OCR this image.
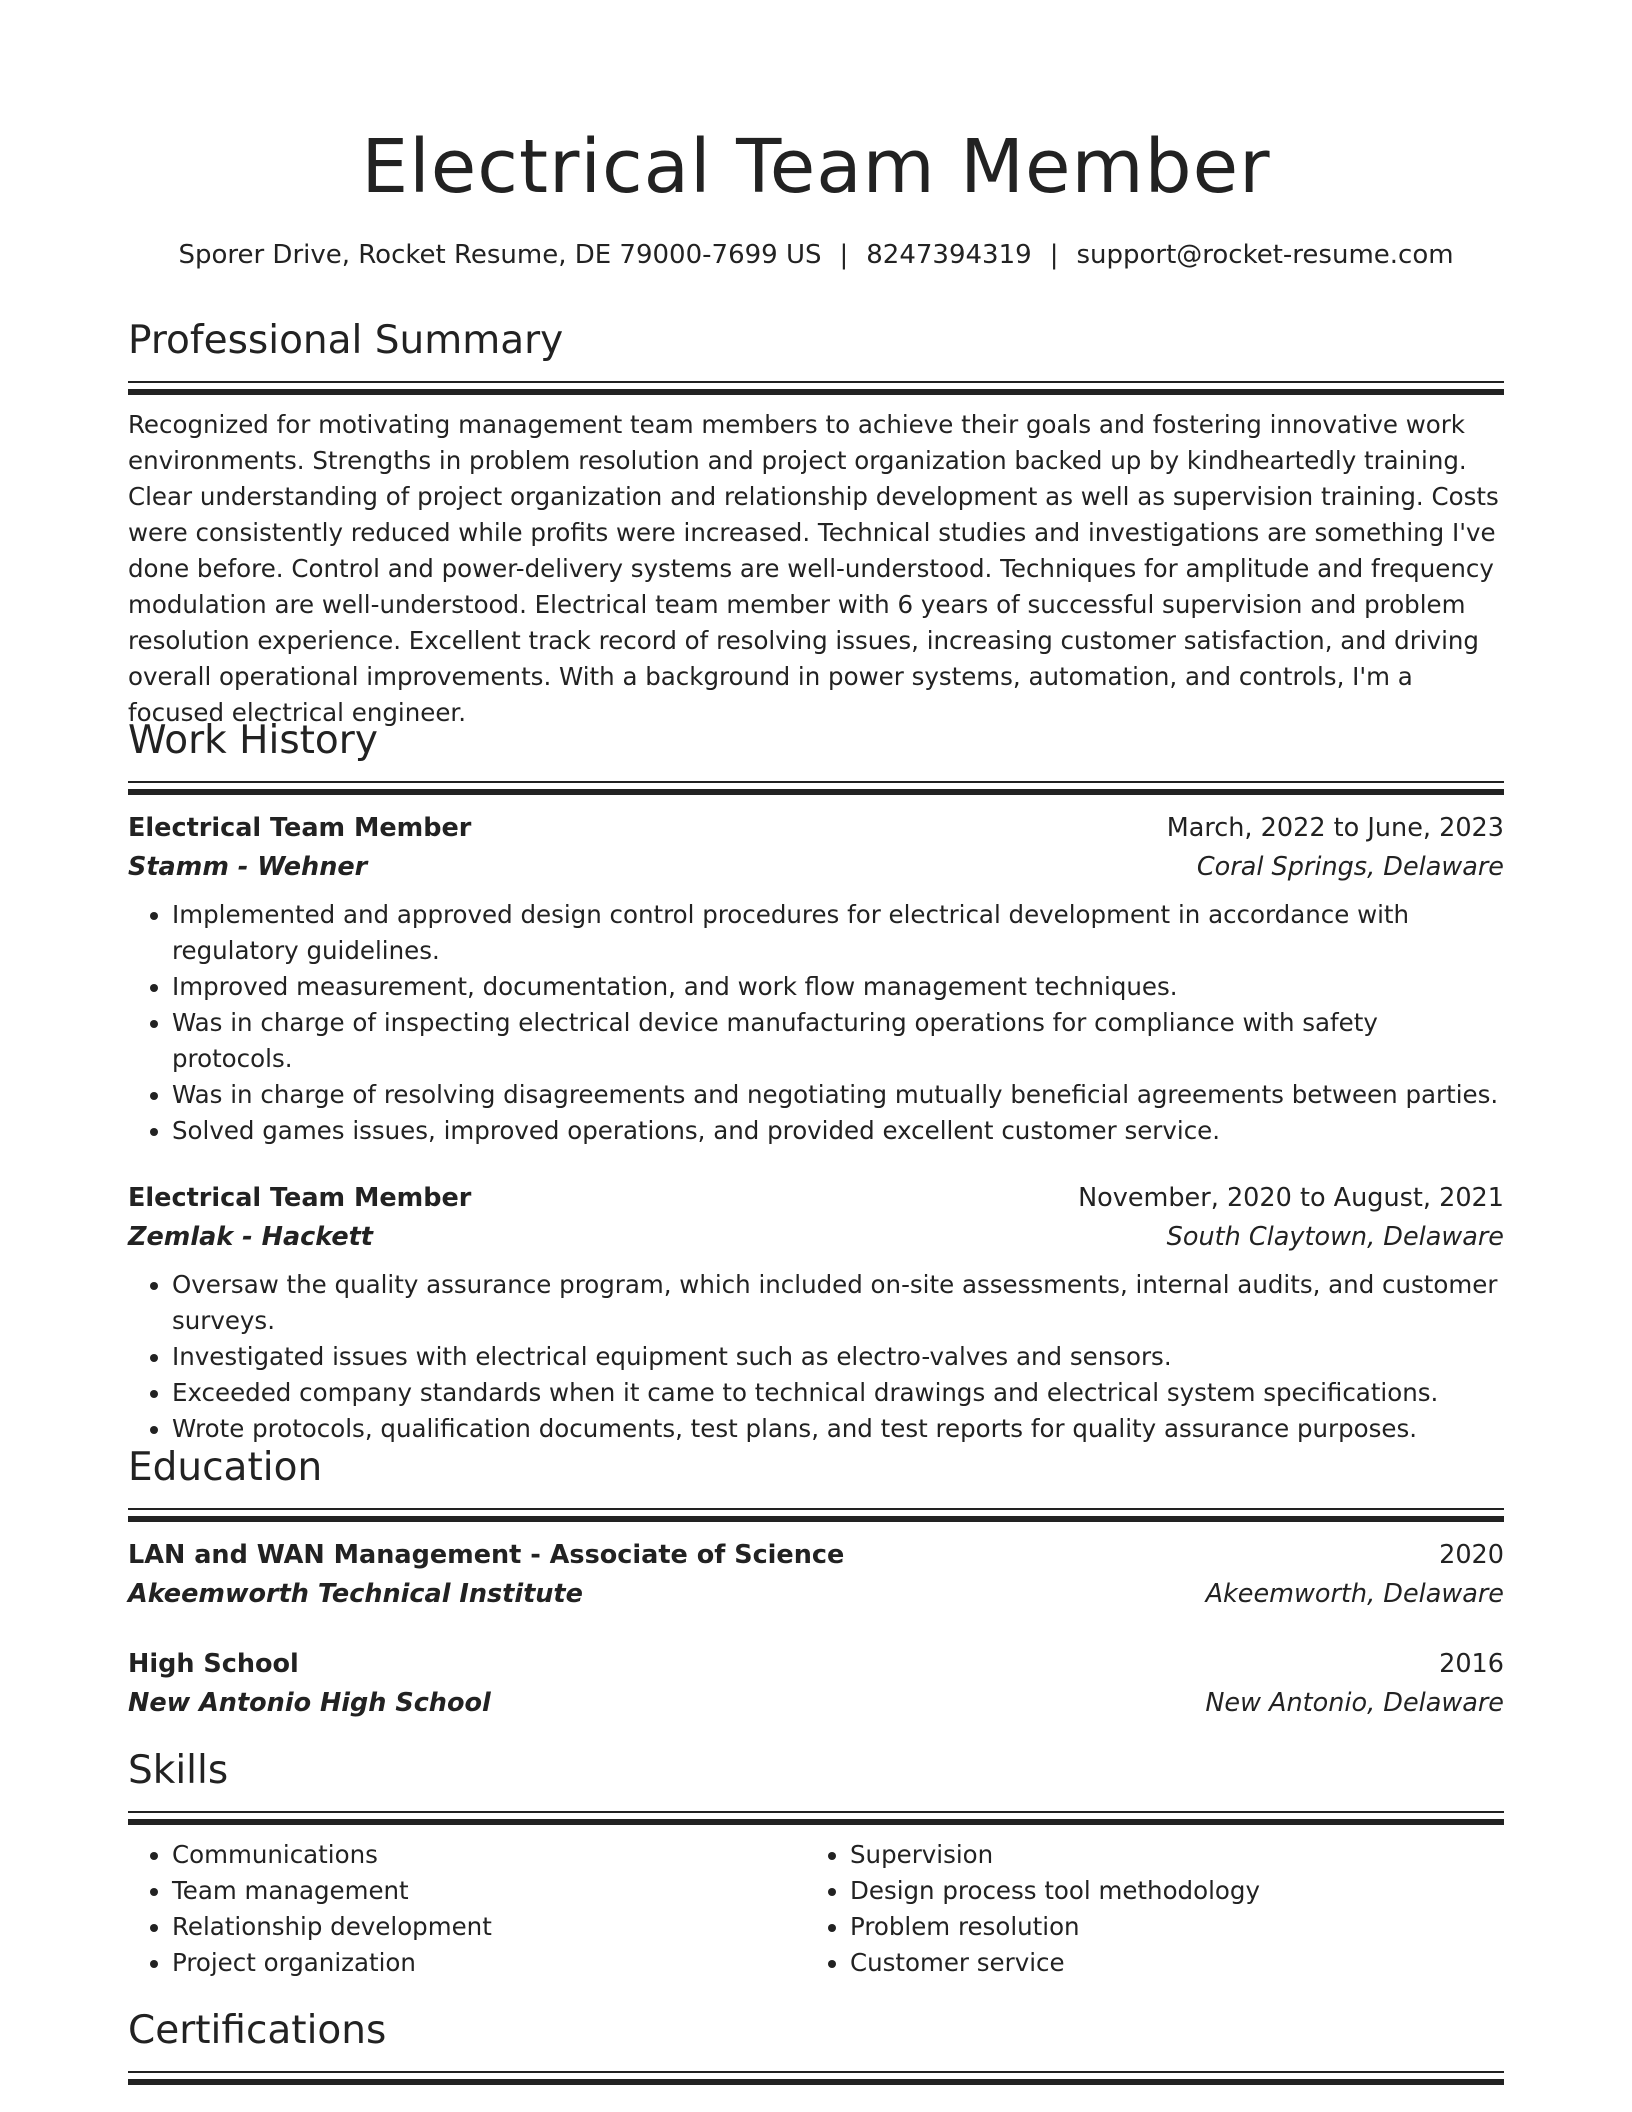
Electrical Team Member
Sporer Drive, Rocket Resume, DE 79000-7699 US | 8247394319 | support@rocket-resume.com
Professional Summary

Recognized for motivating management team members to achieve their goals and fostering innovative work environments. Strengths in problem resolution and project organization backed up by kindheartedly training. Clear understanding of project organization and relationship development as well as supervision training. Costs were consistently reduced while profits were increased. Technical studies and investigations are something I've done before. Control and power-delivery systems are well-understood. Techniques for amplitude and frequency modulation are well-understood. Electrical team member with 6 years of successful supervision and problem resolution experience. Excellent track record of resolving issues, increasing customer satisfaction, and driving overall operational improvements. With a background in power systems, automation, and controls, I'm a focused electrical engineer.

Work History
Electrical Team Member	March, 2022 to June, 2023
Stamm - Wehner	Coral Springs, Delaware
• Implemented and approved design control procedures for electrical development in accordance with regulatory guidelines.
• Improved measurement, documentation, and work flow management techniques.
• Was in charge of inspecting electrical device manufacturing operations for compliance with safety protocols.
• Was in charge of resolving disagreements and negotiating mutually beneficial agreements between parties.
• Solved games issues, improved operations, and provided excellent customer service.
Electrical Team Member	November, 2020 to August, 2021
Zemlak - Hackett	South Claytown, Delaware
• Oversaw the quality assurance program, which included on-site assessments, internal audits, and customer surveys.
• Investigated issues with electrical equipment such as electro-valves and sensors.
• Exceeded company standards when it came to technical drawings and electrical system specifications.
• Wrote protocols, qualification documents, test plans, and test reports for quality assurance purposes.
Education
LAN and WAN Management - Associate of Science	2020
Akeemworth Technical Institute	Akeemworth, Delaware
High School	2016
New Antonio High School	New Antonio, Delaware
Skills
• Communications
• Team management
• Relationship development
• Project organization
• Supervision
• Design process tool methodology
• Problem resolution
• Customer service
Certifications
